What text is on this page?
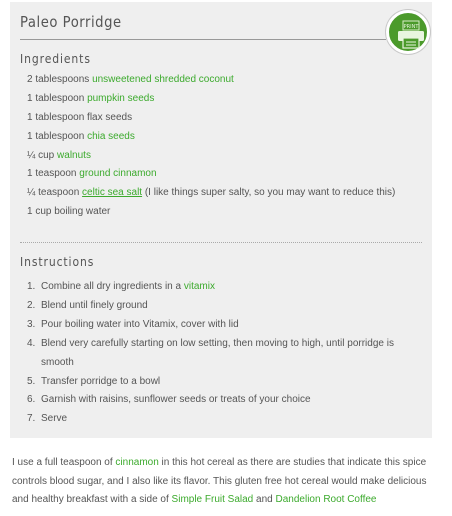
Paleo Porridge	PRINT
Ingredients
2 tablespoons unsweetened shredded coconut
1 tablespoon pumpkin seeds
1 tablespoon flax seeds
1 tablespoon chia seeds
¼ cup walnuts
1 teaspoon ground cinnamon
¼ teaspoon celtic sea salt (I like things super salty, so you may want to reduce this)
1 cup boiling water
Instructions
1. Combine all dry ingredients in a vitamix
2. Blend until finely ground
3. Pour boiling water into Vitamix, cover with lid
4. Blend very carefully starting on low setting, then moving to high, until porridge is smooth
5. Transfer porridge to a bowl
6. Garnish with raisins, sunflower seeds or treats of your choice
7. Serve
I use a full teaspoon of cinnamon in this hot cereal as there are studies that indicate this spice controls blood sugar, and I also like its flavor. This gluten free hot cereal would make delicious and healthy breakfast with a side of Simple Fruit Salad and Dandelion Root Coffee
